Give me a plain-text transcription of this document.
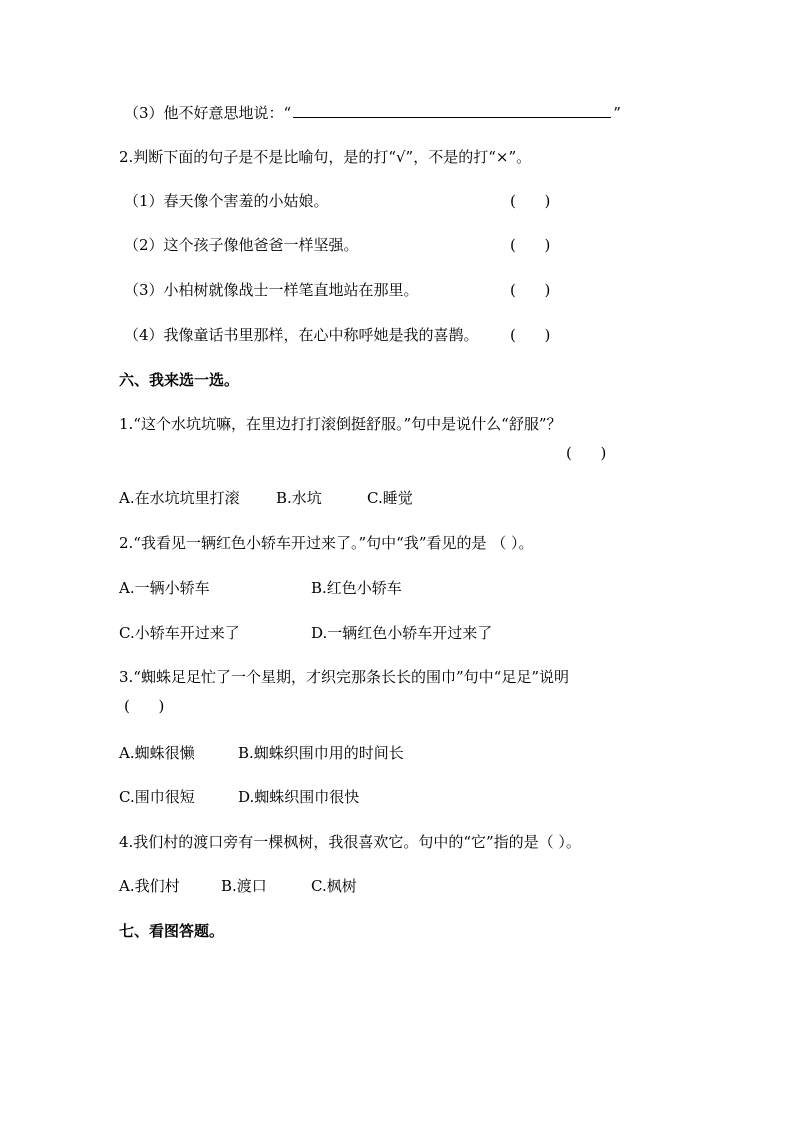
（3）他不好意思地说：“	”
2.判断下面的句子是不是比喻句，是的打“√”，不是的打“×”。
（1）春天像个害羞的小姑娘。	(      )
（2）这个孩子像他爸爸一样坚强。	(      )
（3）小柏树就像战士一样笔直地站在那里。	(      )
（4）我像童话书里那样，在心中称呼她是我的喜鹊。 (      )
六、我来选一选。
1.“这个水坑坑嘛，在里边打打滚倒挺舒服。”句中是说什么“舒服”？
(      )
A.在水坑坑里打滚 B.水坑	C.睡觉
2.“我看见一辆红色小轿车开过来了。”句中“我”看见的是 （ ）。
A.一辆小轿车	B.红色小轿车
C.小轿车开过来了	D.一辆红色小轿车开过来了
3.“蜘蛛足足忙了一个星期，才织完那条长长的围巾”句中“足足”说明
(      )
A.蜘蛛很懒	B.蜘蛛织围巾用的时间长
C.围巾很短	D.蜘蛛织围巾很快
4.我们村的渡口旁有一棵枫树，我很喜欢它。句中的“它”指的是（ ）。
A.我们村	B.渡口	C.枫树
七、看图答题。
